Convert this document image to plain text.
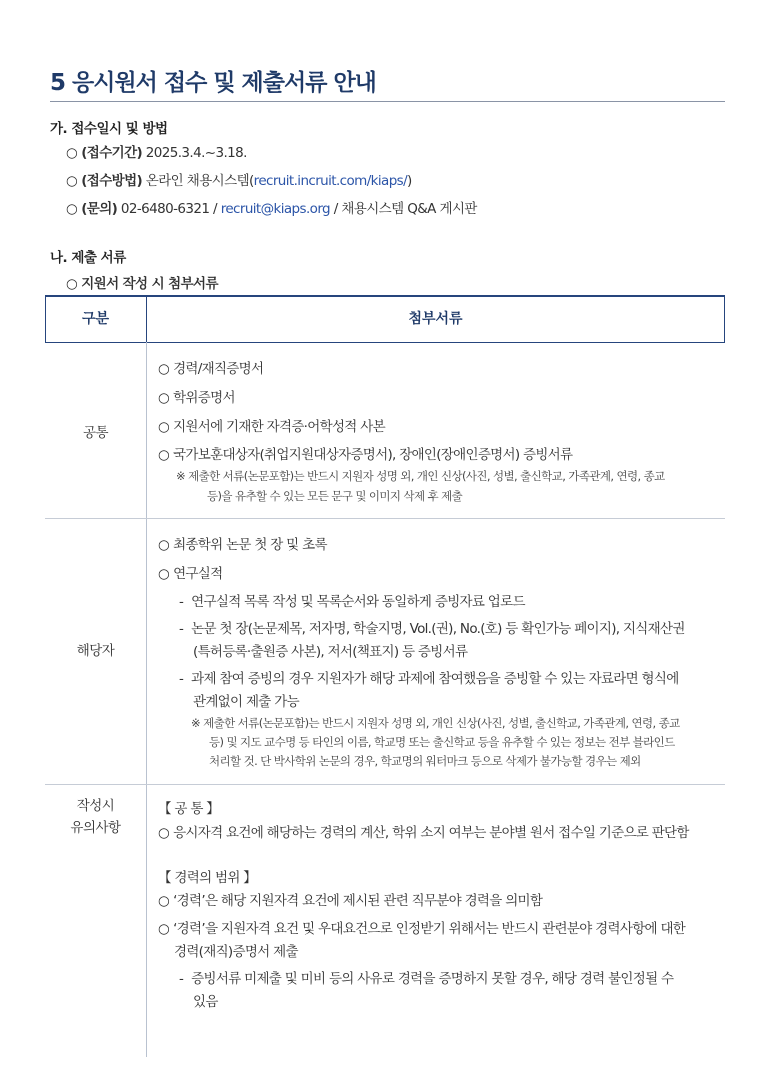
5 응시원서 접수 및 제출서류 안내
가. 접수일시 및 방법
○ (접수기간) 2025.3.4.~3.18.
○ (접수방법) 온라인 채용시스템(recruit.incruit.com/kiaps/)
○ (문의) 02-6480-6321 / recruit@kiaps.org / 채용시스템 Q&A 게시판
나. 제출 서류
○ 지원서 작성 시 첨부서류
구분	첨부서류
공통
○ 경력/재직증명서
○ 학위증명서
○ 지원서에 기재한 자격증·어학성적 사본
○ 국가보훈대상자(취업지원대상자증명서), 장애인(장애인증명서) 증빙서류
※ 제출한 서류(논문포함)는 반드시 지원자 성명 외, 개인 신상(사진, 성별, 출신학교, 가족관계, 연령, 종교
등)을 유추할 수 있는 모든 문구 및 이미지 삭제 후 제출
해당자
○ 최종학위 논문 첫 장 및 초록
○ 연구실적
- 연구실적 목록 작성 및 목록순서와 동일하게 증빙자료 업로드
- 논문 첫 장(논문제목, 저자명, 학술지명, Vol.(권), No.(호) 등 확인가능 페이지), 지식재산권
(특허등록·출원증 사본), 저서(책표지) 등 증빙서류
- 과제 참여 증빙의 경우 지원자가 해당 과제에 참여했음을 증빙할 수 있는 자료라면 형식에
관계없이 제출 가능
※ 제출한 서류(논문포함)는 반드시 지원자 성명 외, 개인 신상(사진, 성별, 출신학교, 가족관계, 연령, 종교
등) 및 지도 교수명 등 타인의 이름, 학교명 또는 출신학교 등을 유추할 수 있는 정보는 전부 블라인드
처리할 것. 단 박사학위 논문의 경우, 학교명의 워터마크 등으로 삭제가 불가능할 경우는 제외
작성시
유의사항
【 공 통 】
○ 응시자격 요건에 해당하는 경력의 계산, 학위 소지 여부는 분야별 원서 접수일 기준으로 판단함
【 경력의 범위 】
○ ‘경력’은 해당 지원자격 요건에 제시된 관련 직무분야 경력을 의미함
○ ‘경력’을 지원자격 요건 및 우대요건으로 인정받기 위해서는 반드시 관련분야 경력사항에 대한
경력(재직)증명서 제출
- 증빙서류 미제출 및 미비 등의 사유로 경력을 증명하지 못할 경우, 해당 경력 불인정될 수
있음
